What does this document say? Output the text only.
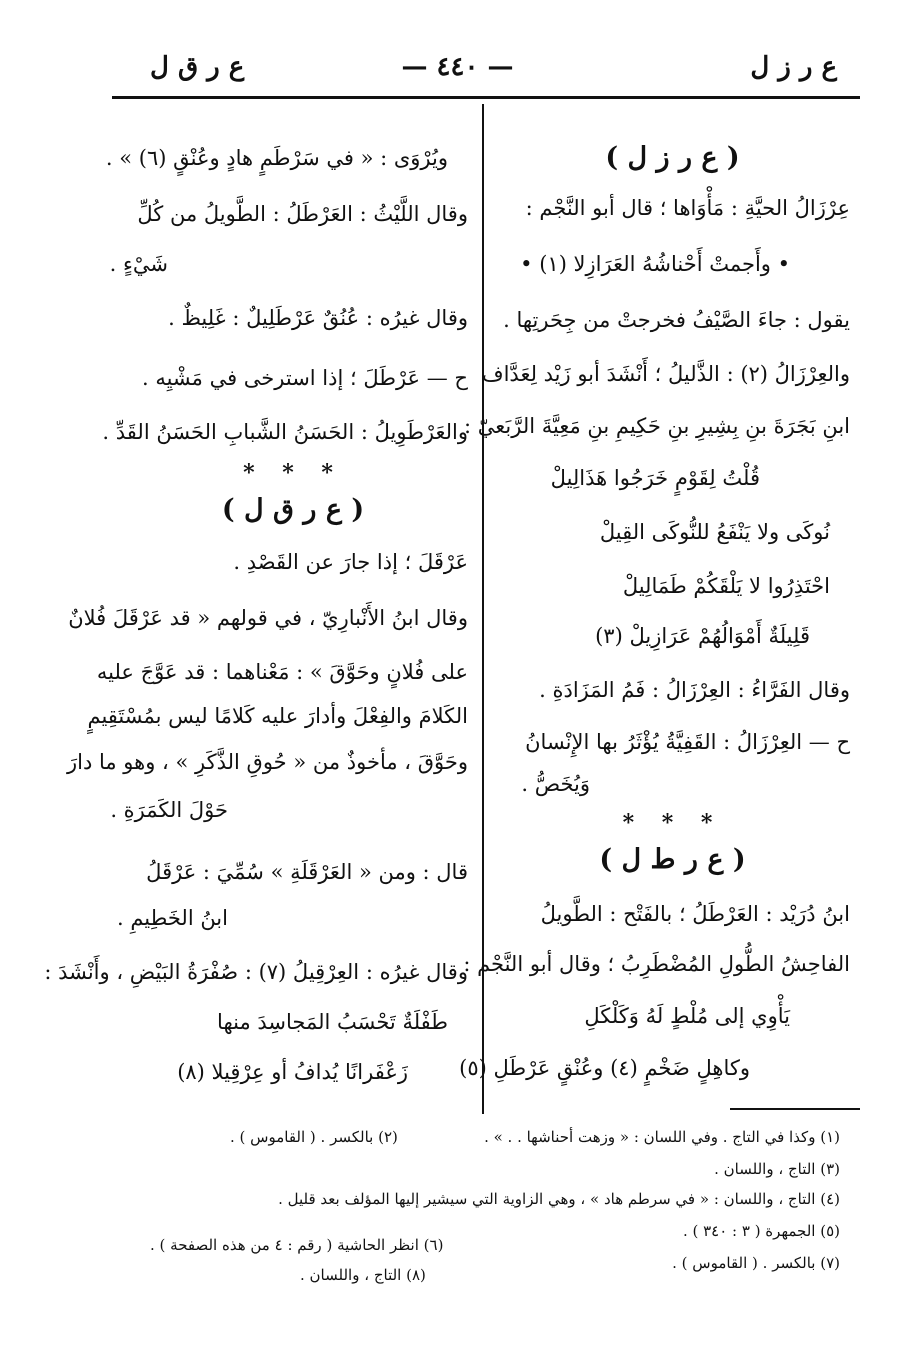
ع ر ز ل
— ٤٤٠ —
ع ر ق ل
( ع ر ز ل )
عِرْزَالُ الحيَّةِ : مَأْوَاها ؛ قال أبو النَّجْم :
• وأَجمتْ أَحْناشُهُ العَرَازِلا (١) •
يقول : جاءَ الصَّيْفُ فخرجتْ من جِحَرتِها .
والعِرْزَالُ (٢) : الذَّليلُ ؛ أَنْشَدَ أبو زَيْد لِعَدَّاف
ابنِ بَجَرَةَ بنِ بِشِيرِ بنِ حَكِيمِ بنِ مَعِيَّةَ الرَّبَعيّ :
قُلْتُ لِقَوْمٍ خَرَجُوا هَذَالِيلْ
نُوكَى ولا يَنْفَعُ للنُّوكَى القِيلْ
احْتَذِرُوا لا يَلْقَكُمْ طَمَالِيلْ
قَلِيلَةٌ أَمْوَالُهُمْ عَرَازِيلْ (٣)
وقال الفَرَّاءُ : العِرْزَالُ : فَمُ المَزَادَةِ .
ح — العِرْزَالُ : القَفِيَّةُ يُؤْثَرُ بها الإِنْسانُ
وَيُخَصُّ .
* * *
( ع ر ط ل )
ابنُ دُرَيْد : العَرْطَلُ ؛ بالفَتْح : الطَّويلُ
الفاحِشُ الطُّولِ المُضْطَرِبُ ؛ وقال أبو النَّجْم :
يَأْوِي إلى مُلْطٍ لَهُ وَكَلْكَلِ
وكاهِلٍ ضَخْمٍ (٤) وعُنْقٍ عَرْطَلِ (٥)
ويُرْوَى : « في سَرْطَمٍ هادٍ وعُنْقٍ (٦) » .
وقال اللَّيْثُ : العَرْطَلُ : الطَّويلُ من كُلِّ
شَيْءٍ .
وقال غيرُه : عُنُقٌ عَرْطَلِيلٌ : غَلِيظٌ .
ح — عَرْطَلَ ؛ إذا استرخى في مَشْيِه .
والعَرْطَوِيلُ : الحَسَنُ الشَّبابِ الحَسَنُ القَدِّ .
* * *
( ع ر ق ل )
عَرْقَلَ ؛ إذا جارَ عن القَصْدِ .
وقال ابنُ الأَنْبارِيّ ، في قولهم « قد عَرْقَلَ فُلانٌ
على فُلانٍ وحَوَّقَ » : مَعْناهما : قد عَوَّجَ عليه
الكَلامَ والفِعْلَ وأدارَ عليه كَلامًا ليس بمُسْتَقِيمٍ
وحَوَّقَ ، مأخوذٌ من « حُوقِ الذَّكَرِ » ، وهو ما دارَ
حَوْلَ الكَمَرَةِ .
قال : ومن « العَرْقَلَةِ » سُمِّيَ : عَرْقَلُ
ابنُ الخَطِيمِ .
وقال غيرُه : العِرْقِيلُ (٧) : صُفْرَةُ البَيْضِ ، وأَنْشَدَ :
طَفْلَةٌ تَحْسَبُ المَجاسِدَ منها
زَعْفَرانًا يُدافُ أو عِرْقِيلا (٨)
(١) وكذا في التاج . وفي اللسان : « وزهت أحناشها . . » .
(٢) بالكسر . ( القاموس ) .
(٣) التاج ، واللسان .
(٤) التاج ، واللسان : « في سرطم هاد » ، وهي الزاوية التي سيشير إليها المؤلف بعد قليل .
(٥) الجمهرة ( ٣ : ٣٤٠ ) .
(٦) انظر الحاشية ( رقم : ٤ من هذه الصفحة ) .
(٧) بالكسر . ( القاموس ) .
(٨) التاج ، واللسان .
